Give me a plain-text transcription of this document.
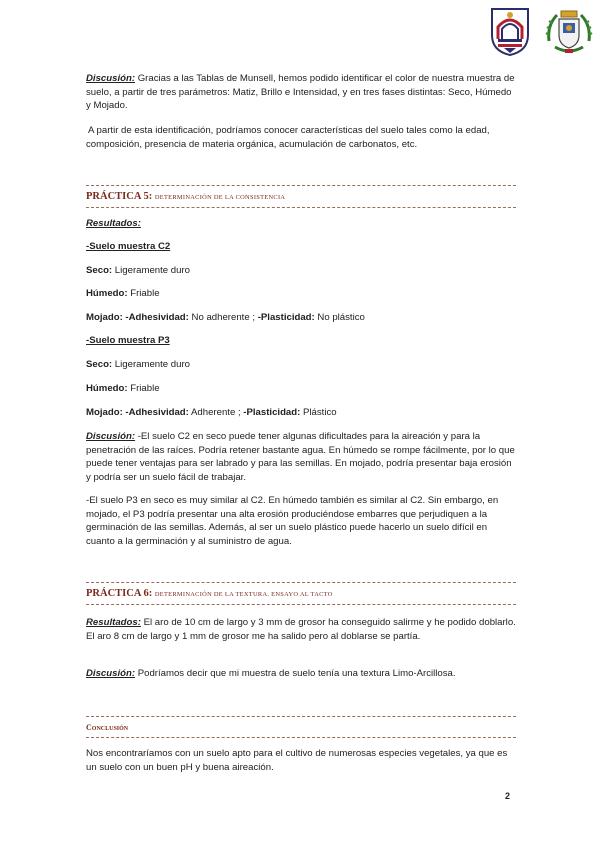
Discusión: Gracias a las Tablas de Munsell, hemos podido identificar el color de nuestra muestra de suelo, a partir de tres parámetros: Matiz, Brillo e Intensidad, y en tres fases distintas: Seco, Húmedo y Mojado.

A partir de esta identificación, podríamos conocer características del suelo tales como la edad, composición, presencia de materia orgánica, acumulación de carbonatos, etc.

PRÁCTICA 5: DETERMINACIÓN DE LA CONSISTENCIA

Resultados:

-Suelo muestra C2

Seco: Ligeramente duro

Húmedo: Friable

Mojado: -Adhesividad: No adherente ; -Plasticidad: No plástico

-Suelo muestra P3

Seco: Ligeramente duro

Húmedo: Friable

Mojado: -Adhesividad: Adherente ; -Plasticidad: Plástico

Discusión: -El suelo C2 en seco puede tener algunas dificultades para la aireación y para la penetración de las raíces. Podría retener bastante agua. En húmedo se rompe fácilmente, por lo que puede tener ventajas para ser labrado y para las semillas. En mojado, podría presentar baja erosión y podría ser un suelo fácil de trabajar.

-El suelo P3 en seco es muy similar al C2. En húmedo también es similar al C2. Sin embargo, en mojado, el P3 podría presentar una alta erosión produciéndose embarres que perjudiquen a la germinación de las semillas. Además, al ser un suelo plástico puede hacerlo un suelo difícil en cuanto a la germinación y al suministro de agua.

PRÁCTICA 6: DETERMINACIÓN DE LA TEXTURA. ENSAYO AL TACTO

Resultados: El aro de 10 cm de largo y 3 mm de grosor ha conseguido salirme y he podido doblarlo. El aro 8 cm de largo y 1 mm de grosor me ha salido pero al doblarse se partía.

Discusión: Podríamos decir que mi muestra de suelo tenía una textura Limo-Arcillosa.

Conclusión

Nos encontraríamos con un suelo apto para el cultivo de numerosas especies vegetales, ya que es un suelo con un buen pH y buena aireación.

2
